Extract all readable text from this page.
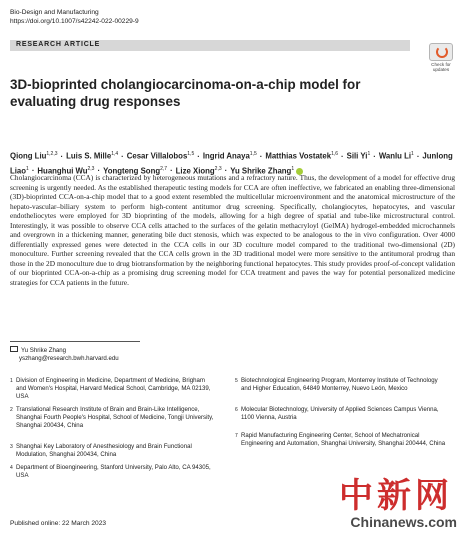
Bio-Design and Manufacturing
https://doi.org/10.1007/s42242-022-00229-9
RESEARCH ARTICLE
Check for
updates
3D-bioprinted cholangiocarcinoma-on-a-chip model for evaluating drug responses
Qiong Liu$^{1,2,3}$ · Luis S. Mille$^{1,4}$ · Cesar Villalobos$^{1,5}$ · Ingrid Anaya$^{1,5}$ · Matthias Vostatek$^{1,6}$ · Sili $Yi^1$ · Wanlu $Li^1$ · Junlong Liao$^1$ · Huanghui Wu$^{2,3}$ · Yongteng Song$^{2,7}$ · Lize Xiong$^{2,3}$ · Yu Shrike Zhang$^1$
Cholangiocarcinoma (CCA) is characterized by heterogeneous mutations and a refractory nature. Thus, the development of a model for effective drug screening is urgently needed. As the established therapeutic testing models for CCA are often ineffective, we fabricated an enabling three-dimensional (3D)-bioprinted CCA-on-a-chip model that to a good extent resembled the multicellular microenvironment and the anatomical microstructure of the hepato-vascular–biliary system to perform high-content antitumor drug screening. Specifically, cholangiocytes, hepatocytes, and vascular endotheliocytes were employed for 3D bioprinting of the models, allowing for a high degree of spatial and tube-like microstructural control. Interestingly, it was possible to observe CCA cells attached to the surfaces of the gelatin methacryloyl (GelMA) hydrogel-embedded microchannels and overgrown in a thickening manner, generating bile duct stenosis, which was expected to be analogous to the in vivo configuration. Over 4000 differentially expressed genes were detected in the CCA cells in our 3D coculture model compared to the traditional two-dimensional (2D) monoculture. Further screening revealed that the CCA cells grown in the 3D traditional model were more sensitive to the antitumoral prodrug than those in the 2D monoculture due to drug biotransformation by the neighboring functional hepatocytes. This study provides proof-of-concept validation of our bioprinted CCA-on-a-chip as a promising drug screening model for CCA treatment and paves the way for potential personalized medicine strategies for CCA patients in the future.
Yu Shrike Zhang
yszhang@research.bwh.harvard.edu
1 Division of Engineering in Medicine, Department of Medicine, Brigham and Women's Hospital, Harvard Medical School, Cambridge, MA 02139, USA
2 Translational Research Institute of Brain and Brain-Like Intelligence, Shanghai Fourth People's Hospital, School of Medicine, Tongji University, Shanghai 200434, China
3 Shanghai Key Laboratory of Anesthesiology and Brain Functional Modulation, Shanghai 200434, China
4 Department of Bioengineering, Stanford University, Palo Alto, CA 94305, USA
5 Biotechnological Engineering Program, Monterrey Institute of Technology and Higher Education, 64849 Monterrey, Nuevo León, Mexico
6 Molecular Biotechnology, University of Applied Sciences Campus Vienna, 1100 Vienna, Austria
7 Rapid Manufacturing Engineering Center, School of Mechatronical Engineering and Automation, Shanghai University, Shanghai 200444, China
Published online: 22 March 2023
中新网
Chinanews.com
